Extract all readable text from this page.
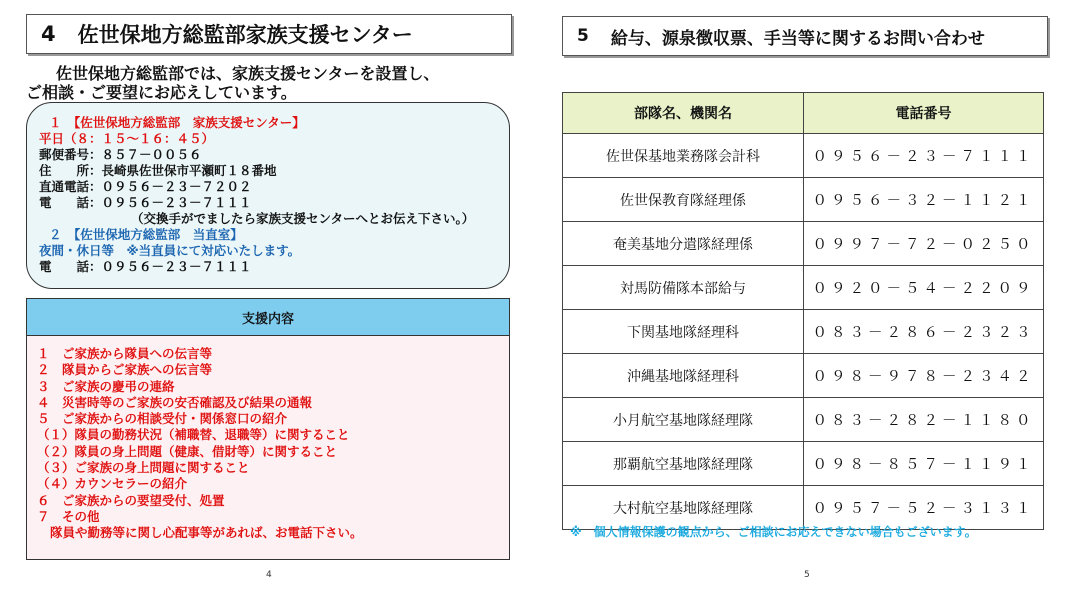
4 佐世保地方総監部家族支援センター
佐世保地方総監部では、家族支援センターを設置し、
ご相談・ご要望にお応えしています。
１　【佐世保地方総監部　家族支援センター】
平日（８：１５～１６：４５）
郵便番号：８５７－００５６
住　　所：長崎県佐世保市平瀬町１８番地
直通電話：０９５６－２３－７２０２
電　　話：０９５６－２３－７１１１
（交換手がでましたら家族支援センターへとお伝え下さい。）
２　【佐世保地方総監部　当直室】
夜間・休日等　※当直員にて対応いたします。
電　　話：０９５６－２３－７１１１
支援内容
１　ご家族から隊員への伝言等
２　隊員からご家族への伝言等
３　ご家族の慶弔の連絡
４　災害時等のご家族の安否確認及び結果の通報
５　ご家族からの相談受付・関係窓口の紹介
（１）隊員の勤務状況（補職替、退職等）に関すること
（２）隊員の身上問題（健康、借財等）に関すること
（３）ご家族の身上問題に関すること
（４）カウンセラーの紹介
６　ご家族からの要望受付、処置
７　その他
隊員や勤務等に関し心配事等があれば、お電話下さい。
4
5 給与、源泉徴収票、手当等に関するお問い合わせ
部隊名、機関名	電話番号
佐世保基地業務隊会計科	０９５６－２３－７１１１
佐世保教育隊経理係	０９５６－３２－１１２１
奄美基地分遣隊経理係	０９９７－７２－０２５０
対馬防備隊本部給与	０９２０－５４－２２０９
下関基地隊経理科	０８３－２８６－２３２３
沖縄基地隊経理科	０９８－９７８－２３４２
小月航空基地隊経理隊	０８３－２８２－１１８０
那覇航空基地隊経理隊	０９８－８５７－１１９１
大村航空基地隊経理隊	０９５７－５２－３１３１
※　個人情報保護の観点から、ご相談にお応えできない場合もございます。
5
